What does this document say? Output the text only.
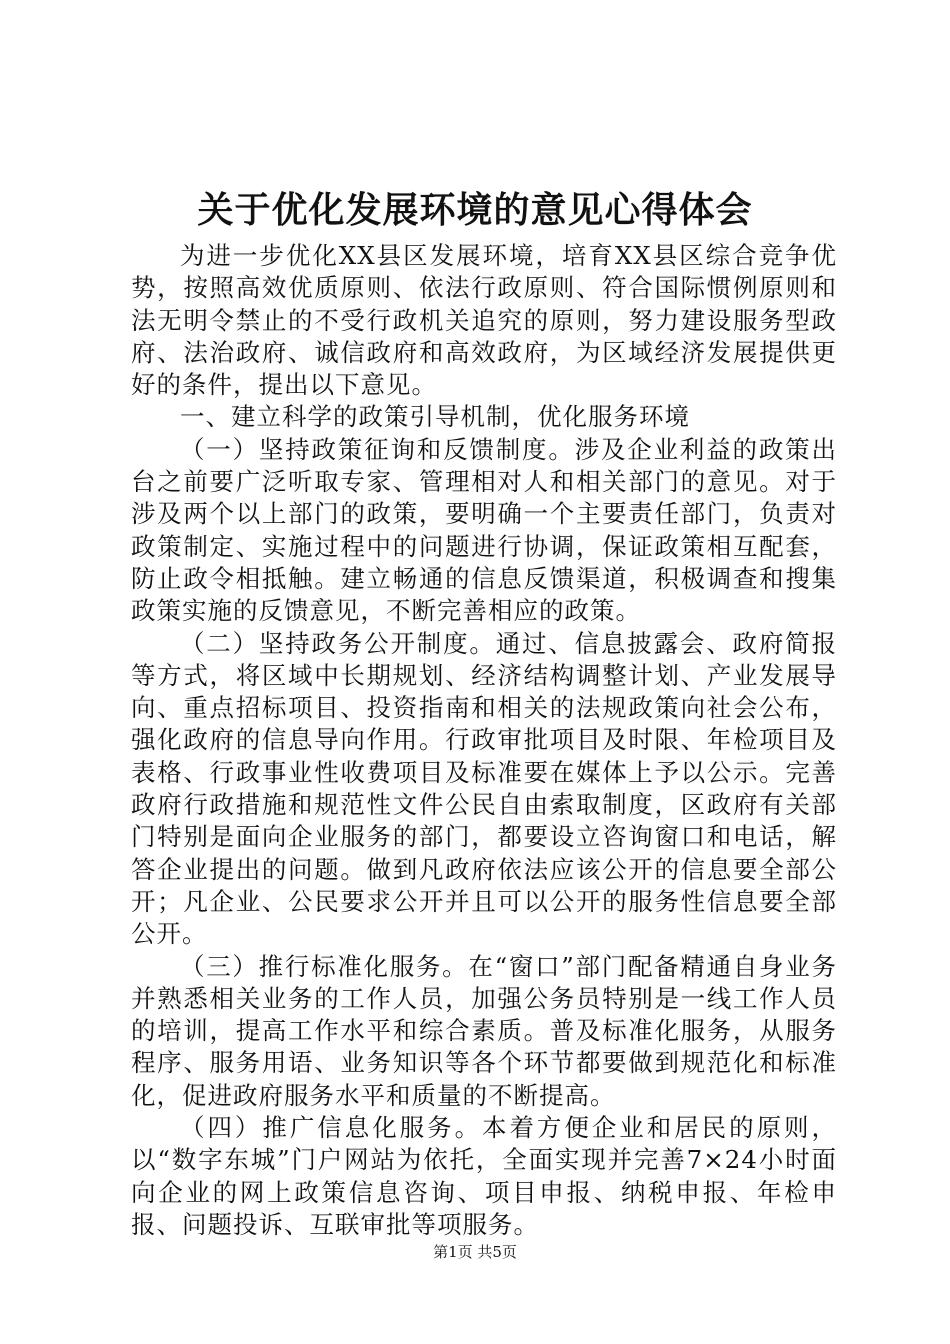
关于优化发展环境的意见心得体会

为进一步优化XX县区发展环境，培育XX县区综合竞争优势，按照高效优质原则、依法行政原则、符合国际惯例原则和法无明令禁止的不受行政机关追究的原则，努力建设服务型政府、法治政府、诚信政府和高效政府，为区域经济发展提供更好的条件，提出以下意见。

一、建立科学的政策引导机制，优化服务环境

（一）坚持政策征询和反馈制度。涉及企业利益的政策出台之前要广泛听取专家、管理相对人和相关部门的意见。对于涉及两个以上部门的政策，要明确一个主要责任部门，负责对政策制定、实施过程中的问题进行协调，保证政策相互配套，防止政令相抵触。建立畅通的信息反馈渠道，积极调查和搜集政策实施的反馈意见，不断完善相应的政策。

（二）坚持政务公开制度。通过、信息披露会、政府简报等方式，将区域中长期规划、经济结构调整计划、产业发展导向、重点招标项目、投资指南和相关的法规政策向社会公布，强化政府的信息导向作用。行政审批项目及时限、年检项目及表格、行政事业性收费项目及标准要在媒体上予以公示。完善政府行政措施和规范性文件公民自由索取制度，区政府有关部门特别是面向企业服务的部门，都要设立咨询窗口和电话，解答企业提出的问题。做到凡政府依法应该公开的信息要全部公开；凡企业、公民要求公开并且可以公开的服务性信息要全部公开。

（三）推行标准化服务。在“窗口”部门配备精通自身业务并熟悉相关业务的工作人员，加强公务员特别是一线工作人员的培训，提高工作水平和综合素质。普及标准化服务，从服务程序、服务用语、业务知识等各个环节都要做到规范化和标准化，促进政府服务水平和质量的不断提高。

（四）推广信息化服务。本着方便企业和居民的原则，以“数字东城”门户网站为依托，全面实现并完善7×24小时面向企业的网上政策信息咨询、项目申报、纳税申报、年检申报、问题投诉、互联审批等项服务。

第1页 共5页
